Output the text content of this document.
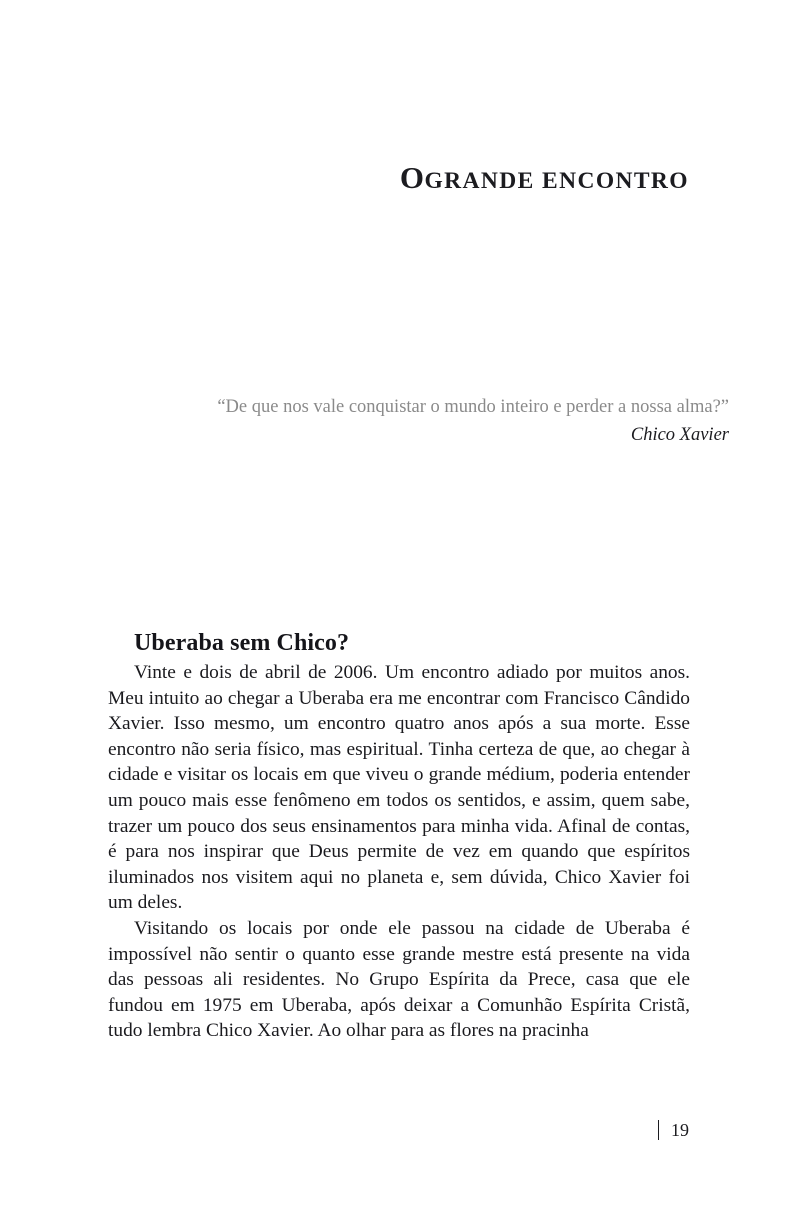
OGRANDE ENCONTRO
“De que nos vale conquistar o mundo inteiro e perder a nossa alma?”
Chico Xavier
Uberaba sem Chico?

Vinte e dois de abril de 2006. Um encontro adiado por muitos anos. Meu intuito ao chegar a Uberaba era me encontrar com Francisco Cândido Xavier. Isso mesmo, um encontro quatro anos após a sua morte. Esse encontro não seria físico, mas espiritual. Tinha certeza de que, ao chegar à cidade e visitar os locais em que viveu o grande médium, poderia entender um pouco mais esse fenômeno em todos os sentidos, e assim, quem sabe, trazer um pouco dos seus ensinamentos para minha vida. Afinal de contas, é para nos inspirar que Deus permite de vez em quando que espíritos iluminados nos visitem aqui no planeta e, sem dúvida, Chico Xavier foi um deles.

Visitando os locais por onde ele passou na cidade de Uberaba é impossível não sentir o quanto esse grande mestre está presente na vida das pessoas ali residentes. No Grupo Espírita da Prece, casa que ele fundou em 1975 em Uberaba, após deixar a Comunhão Espírita Cristã, tudo lembra Chico Xavier. Ao olhar para as flores na pracinha

19
